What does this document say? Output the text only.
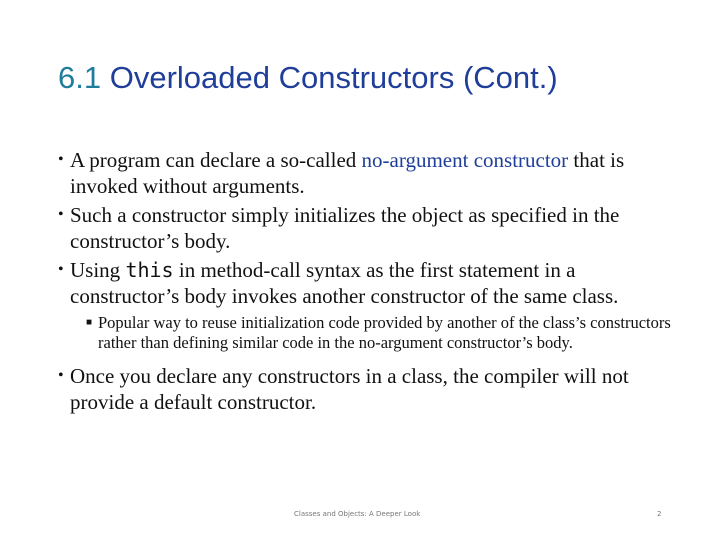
6.1 Overloaded Constructors (Cont.)
• A program can declare a so-called no-argument constructor that is invoked without arguments.
• Such a constructor simply initializes the object as specified in the constructor’s body.
• Using this in method-call syntax as the first statement in a constructor’s body invokes another constructor of the same class.
■ Popular way to reuse initialization code provided by another of the class’s constructors rather than defining similar code in the no-argument constructor’s body.
• Once you declare any constructors in a class, the compiler will not provide a default constructor.
Classes and Objects: A Deeper Look	2
